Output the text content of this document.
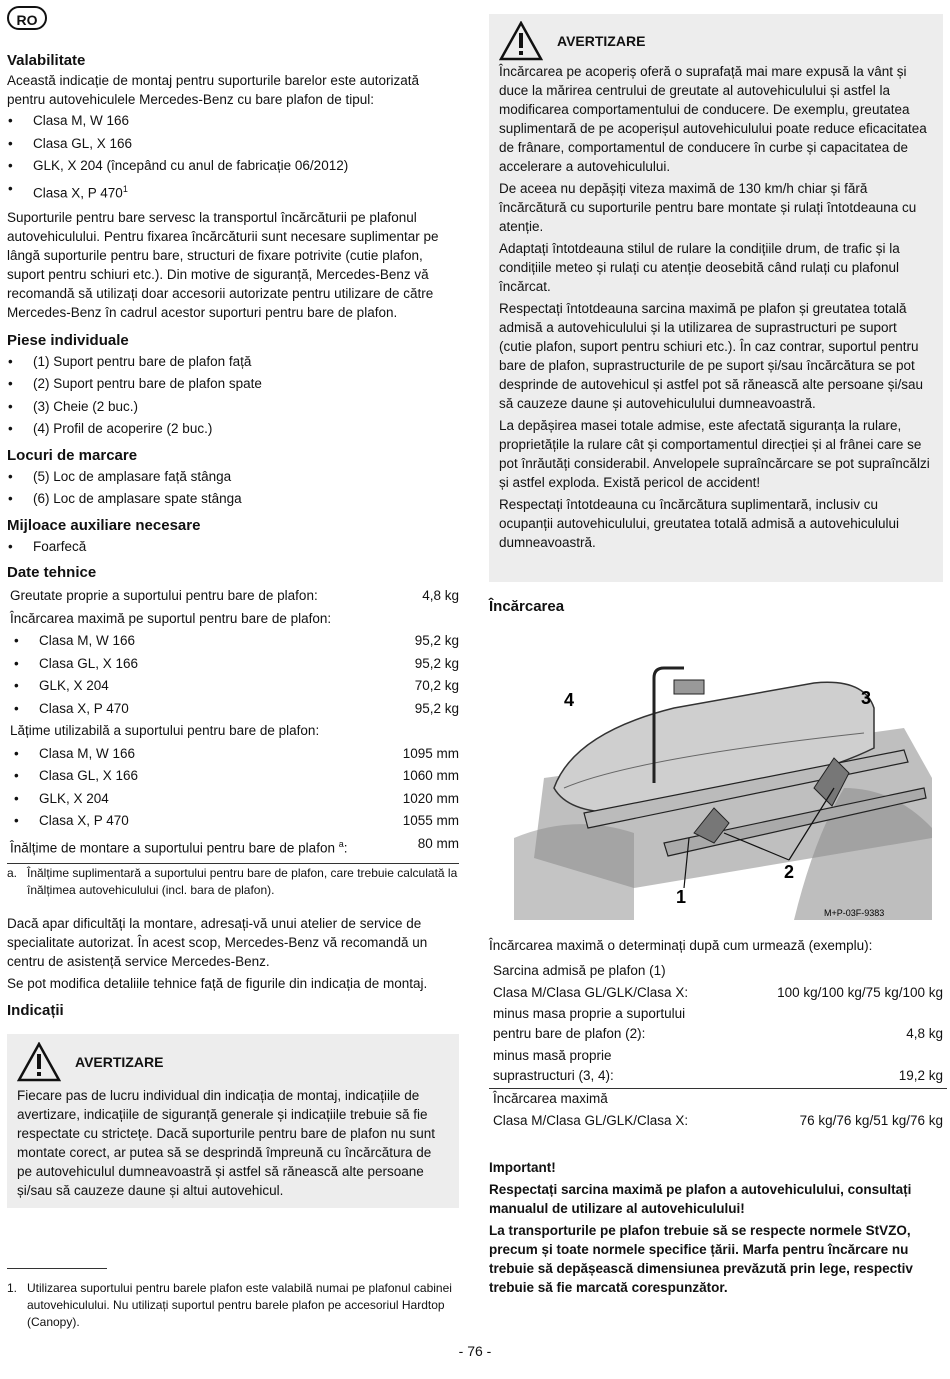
RO
Valabilitate

Această indicație de montaj pentru suporturile barelor este autorizată pentru autovehiculele Mercedes-Benz cu bare plafon de tipul:

• Clasa M, W 166
• Clasa GL, X 166
• GLK, X 204 (începând cu anul de fabricație 06/2012)
• Clasa X, P $470^1$

Suporturile pentru bare servesc la transportul încărcăturii pe plafonul autovehiculului. Pentru fixarea încărcăturii sunt necesare suplimentar pe lângă suporturile pentru bare, structuri de fixare potrivite (cutie plafon, suport pentru schiuri etc.). Din motive de siguranță, Mercedes-Benz vă recomandă să utilizați doar accesorii autorizate pentru utilizare de către Mercedes-Benz în cadrul acestor suporturi pentru bare de plafon.

Piese individuale
• (1) Suport pentru bare de plafon față
• (2) Suport pentru bare de plafon spate
• (3) Cheie (2 buc.)
• (4) Profil de acoperire (2 buc.)
Locuri de marcare
• (5) Loc de amplasare față stânga
• (6) Loc de amplasare spate stânga
Mijloace auxiliare necesare
• Foarfecă
Date tehnice
Greutate proprie a suportului pentru bare de plafon:	4,8 kg
Încărcarea maximă pe suportul pentru bare de plafon:
• Clasa M, W 166	95,2 kg
• Clasa GL, X 166	95,2 kg
• GLK, X 204	70,2 kg
• Clasa X, P 470	95,2 kg
Lățime utilizabilă a suportului pentru bare de plafon:
• Clasa M, W 166	1095 mm
• Clasa GL, X 166	1060 mm
• GLK, X 204	1020 mm
• Clasa X, P 470	1055 mm
Înălțime de montare a suportului pentru bare de plafon $^a$:	80 mm
a. Înălțime suplimentară a suportului pentru bare de plafon, care trebuie calculată la înălțimea autovehiculului (incl. bara de plafon).

Dacă apar dificultăți la montare, adresați-vă unui atelier de service de specialitate autorizat. În acest scop, Mercedes-Benz vă recomandă un centru de asistență service Mercedes-Benz.

Se pot modifica detaliile tehnice față de figurile din indicația de montaj.

Indicații
AVERTIZARE

Fiecare pas de lucru individual din indicația de montaj, indicațiile de avertizare, indicațiile de siguranță generale și indicațiile trebuie să fie respectate cu strictețe. Dacă suporturile pentru bare de plafon nu sunt montate corect, ar putea să se desprindă împreună cu încărcătura de pe autovehiculul dumneavoastră și astfel să rănească alte persoane și/sau să cauzeze daune și altui autovehicul.

1. Utilizarea suportului pentru barele plafon este valabilă numai pe plafonul cabinei autovehiculului. Nu utilizați suportul pentru barele plafon pe accesoriul Hardtop (Canopy).
AVERTIZARE

Încărcarea pe acoperiș oferă o suprafață mai mare expusă la vânt și duce la mărirea centrului de greutate al autovehiculului și astfel la modificarea comportamentului de conducere. De exemplu, greutatea suplimentară de pe acoperișul autovehiculului poate reduce eficacitatea de frânare, comportamentul de conducere în curbe și capacitatea de accelerare a autovehiculului.

De aceea nu depășiți viteza maximă de 130 km/h chiar și fără încărcătură cu suporturile pentru bare montate și rulați întotdeauna cu atenție.

Adaptați întotdeauna stilul de rulare la condițiile drum, de trafic și la condițiile meteo și rulați cu atenție deosebită când rulați cu plafonul încărcat.

Respectați întotdeauna sarcina maximă pe plafon și greutatea totală admisă a autovehiculului și la utilizarea de suprastructuri pe suport (cutie plafon, suport pentru schiuri etc.). În caz contrar, suportul pentru bare de plafon, suprastructurile de pe suport și/sau încărcătura se pot desprinde de autovehicul și astfel pot să rănească alte persoane și/sau să cauzeze daune și autovehiculului dumneavoastră.

La depășirea masei totale admise, este afectată siguranța la rulare, proprietățile la rulare cât și comportamentul direcției și al frânei care se pot înrăutăți considerabil. Anvelopele supraîncărcare se pot supraîncălzi și astfel exploda. Există pericol de accident!

Respectați întotdeauna cu încărcătura suplimentară, inclusiv cu ocupanții autovehiculului, greutatea totală admisă a autovehiculului dumneavoastră.

Încărcarea
1
2
3
4
M+P-03F-9383

Încărcarea maximă o determinați după cum urmează (exemplu):

Sarcina admisă pe plafon (1)
Clasa M/Clasa GL/GLK/Clasa X:	100 kg/100 kg/75 kg/100 kg
minus masa proprie a suportului
pentru bare de plafon (2):	4,8 kg
minus masă proprie
suprastructuri (3, 4):	19,2 kg
Încărcarea maximă
Clasa M/Clasa GL/GLK/Clasa X:	76 kg/76 kg/51 kg/76 kg

Important!

Respectați sarcina maximă pe plafon a autovehiculului, consultați manualul de utilizare al autovehiculului!

La transporturile pe plafon trebuie să se respecte normele StVZO, precum și toate normele specifice țării. Marfa pentru încărcare nu trebuie să depășească dimensiunea prevăzută prin lege, respectiv trebuie să fie marcată corespunzător.

- 76 -
